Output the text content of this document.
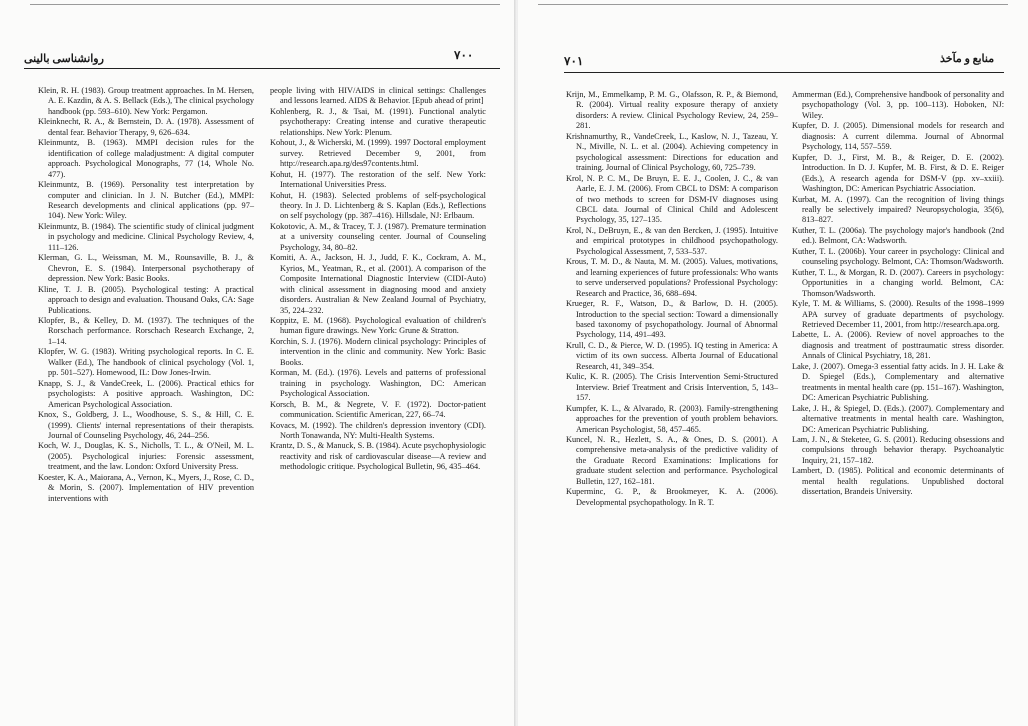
روانشناسی بالینی	۷۰۰
Klein, R. H. (1983). Group treatment approaches. In M. Hersen, A. E. Kazdin, & A. S. Bellack (Eds.), The clinical psychology handbook (pp. 593–610). New York: Pergamon.
Kleinknecht, R. A., & Bernstein, D. A. (1978). Assessment of dental fear. Behavior Therapy, 9, 626–634.
Kleinmuntz, B. (1963). MMPI decision rules for the identification of college maladjustment: A digital computer approach. Psychological Monographs, 77 (14, Whole No. 477).
Kleinmuntz, B. (1969). Personality test interpretation by computer and clinician. In J. N. Butcher (Ed.), MMPI: Research developments and clinical applications (pp. 97–104). New York: Wiley.
Kleinmuntz, B. (1984). The scientific study of clinical judgment in psychology and medicine. Clinical Psychology Review, 4, 111–126.
Klerman, G. L., Weissman, M. M., Rounsaville, B. J., & Chevron, E. S. (1984). Interpersonal psychotherapy of depression. New York: Basic Books.
Kline, T. J. B. (2005). Psychological testing: A practical approach to design and evaluation. Thousand Oaks, CA: Sage Publications.
Klopfer, B., & Kelley, D. M. (1937). The techniques of the Rorschach performance. Rorschach Research Exchange, 2, 1–14.
Klopfer, W. G. (1983). Writing psychological reports. In C. E. Walker (Ed.), The handbook of clinical psychology (Vol. 1, pp. 501–527). Homewood, IL: Dow Jones-Irwin.
Knapp, S. J., & VandeCreek, L. (2006). Practical ethics for psychologists: A positive approach. Washington, DC: American Psychological Association.
Knox, S., Goldberg, J. L., Woodhouse, S. S., & Hill, C. E. (1999). Clients' internal representations of their therapists. Journal of Counseling Psychology, 46, 244–256.
Koch, W. J., Douglas, K. S., Nicholls, T. L., & O'Neil, M. L. (2005). Psychological injuries: Forensic assessment, treatment, and the law. London: Oxford University Press.
Koester, K. A., Maiorana, A., Vernon, K., Myers, J., Rose, C. D., & Morin, S. (2007). Implementation of HIV prevention interventions with
people living with HIV/AIDS in clinical settings: Challenges and lessons learned. AIDS & Behavior. [Epub ahead of print]
Kohlenberg, R. J., & Tsai, M. (1991). Functional analytic psychotherapy: Creating intense and curative therapeutic relationships. New York: Plenum.
Kohout, J., & Wicherski, M. (1999). 1997 Doctoral employment survey. Retrieved December 9, 2001, from http://research.apa.rg/des97contents.html.
Kohut, H. (1977). The restoration of the self. New York: International Universities Press.
Kohut, H. (1983). Selected problems of self-psychological theory. In J. D. Lichtenberg & S. Kaplan (Eds.), Reflections on self psychology (pp. 387–416). Hillsdale, NJ: Erlbaum.
Kokotovic, A. M., & Tracey, T. J. (1987). Premature termination at a university counseling center. Journal of Counseling Psychology, 34, 80–82.
Komiti, A. A., Jackson, H. J., Judd, F. K., Cockram, A. M., Kyrios, M., Yeatman, R., et al. (2001). A comparison of the Composite International Diagnostic Interview (CIDI-Auto) with clinical assessment in diagnosing mood and anxiety disorders. Australian & New Zealand Journal of Psychiatry, 35, 224–232.
Koppitz, E. M. (1968). Psychological evaluation of children's human figure drawings. New York: Grune & Stratton.
Korchin, S. J. (1976). Modern clinical psychology: Principles of intervention in the clinic and community. New York: Basic Books.
Korman, M. (Ed.). (1976). Levels and patterns of professional training in psychology. Washington, DC: American Psychological Association.
Korsch, B. M., & Negrete, V. F. (1972). Doctor-patient communication. Scientific American, 227, 66–74.
Kovacs, M. (1992). The children's depression inventory (CDI). North Tonawanda, NY: Multi-Health Systems.
Krantz, D. S., & Manuck, S. B. (1984). Acute psychophysiologic reactivity and risk of cardiovascular disease—A review and methodologic critique. Psychological Bulletin, 96, 435–464.
۷۰۱	منابع و مآخذ
Krijn, M., Emmelkamp, P. M. G., Olafsson, R. P., & Biemond, R. (2004). Virtual reality exposure therapy of anxiety disorders: A review. Clinical Psychology Review, 24, 259–281.
Krishnamurthy, R., VandeCreek, L., Kaslow, N. J., Tazeau, Y. N., Miville, N. L. et al. (2004). Achieving competency in psychological assessment: Directions for education and training. Journal of Clinical Psychology, 60, 725–739.
Krol, N. P. C. M., De Bruyn, E. E. J., Coolen, J. C., & van Aarle, E. J. M. (2006). From CBCL to DSM: A comparison of two methods to screen for DSM-IV diagnoses using CBCL data. Journal of Clinical Child and Adolescent Psychology, 35, 127–135.
Krol, N., DeBruyn, E., & van den Bercken, J. (1995). Intuitive and empirical prototypes in childhood psychopathology. Psychological Assessment, 7, 533–537.
Krous, T. M. D., & Nauta, M. M. (2005). Values, motivations, and learning experiences of future professionals: Who wants to serve underserved populations? Professional Psychology: Research and Practice, 36, 688–694.
Krueger, R. F., Watson, D., & Barlow, D. H. (2005). Introduction to the special section: Toward a dimensionally based taxonomy of psychopathology. Journal of Abnormal Psychology, 114, 491–493.
Krull, C. D., & Pierce, W. D. (1995). IQ testing in America: A victim of its own success. Alberta Journal of Educational Research, 41, 349–354.
Kulic, K. R. (2005). The Crisis Intervention Semi-Structured Interview. Brief Treatment and Crisis Intervention, 5, 143–157.
Kumpfer, K. L., & Alvarado, R. (2003). Family-strengthening approaches for the prevention of youth problem behaviors. American Psychologist, 58, 457–465.
Kuncel, N. R., Hezlett, S. A., & Ones, D. S. (2001). A comprehensive meta-analysis of the predictive validity of the Graduate Record Examinations: Implications for graduate student selection and performance. Psychological Bulletin, 127, 162–181.
Kuperminc, G. P., & Brookmeyer, K. A. (2006). Developmental psychopathology. In R. T.
Ammerman (Ed.), Comprehensive handbook of personality and psychopathology (Vol. 3, pp. 100–113). Hoboken, NJ: Wiley.
Kupfer, D. J. (2005). Dimensional models for research and diagnosis: A current dilemma. Journal of Abnormal Psychology, 114, 557–559.
Kupfer, D. J., First, M. B., & Reiger, D. E. (2002). Introduction. In D. J. Kupfer, M. B. First, & D. E. Reiger (Eds.), A research agenda for DSM-V (pp. xv–xxiii). Washington, DC: American Psychiatric Association.
Kurbat, M. A. (1997). Can the recognition of living things really be selectively impaired? Neuropsychologia, 35(6), 813–827.
Kuther, T. L. (2006a). The psychology major's handbook (2nd ed.). Belmont, CA: Wadsworth.
Kuther, T. L. (2006b). Your career in psychology: Clinical and counseling psychology. Belmont, CA: Thomson/Wadsworth.
Kuther, T. L., & Morgan, R. D. (2007). Careers in psychology: Opportunities in a changing world. Belmont, CA: Thomson/Wadsworth.
Kyle, T. M. & Williams, S. (2000). Results of the 1998–1999 APA survey of graduate departments of psychology. Retrieved December 11, 2001, from http://research.apa.org.
Labette, L. A. (2006). Review of novel approaches to the diagnosis and treatment of posttraumatic stress disorder. Annals of Clinical Psychiatry, 18, 281.
Lake, J. (2007). Omega-3 essential fatty acids. In J. H. Lake & D. Spiegel (Eds.), Complementary and alternative treatments in mental health care (pp. 151–167). Washington, DC: American Psychiatric Publishing.
Lake, J. H., & Spiegel, D. (Eds.). (2007). Complementary and alternative treatments in mental health care. Washington, DC: American Psychiatric Publishing.
Lam, J. N., & Steketee, G. S. (2001). Reducing obsessions and compulsions through behavior therapy. Psychoanalytic Inquiry, 21, 157–182.
Lambert, D. (1985). Political and economic determinants of mental health regulations. Unpublished doctoral dissertation, Brandeis University.
